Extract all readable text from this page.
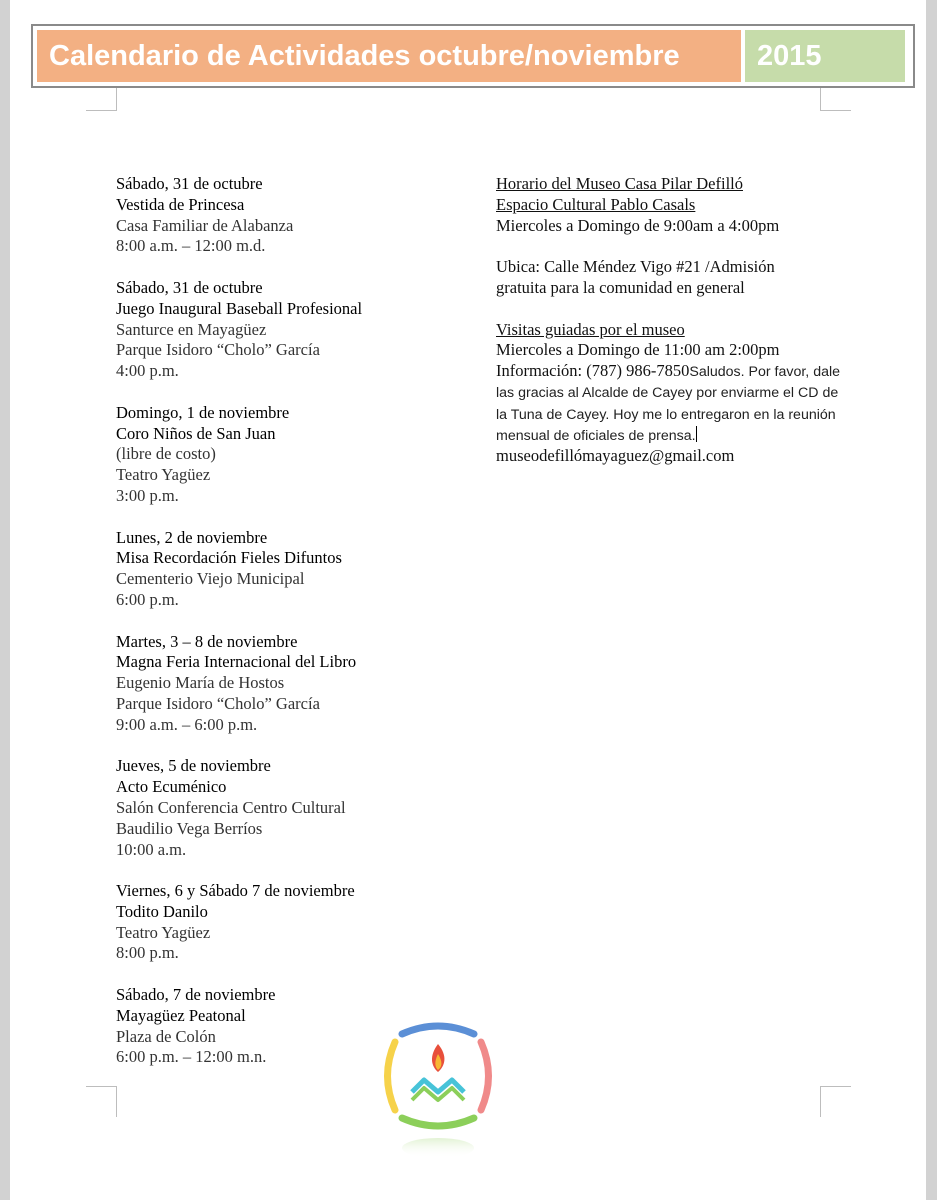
Calendario de Actividades octubre/noviembre	2015
Sábado, 31 de octubre
Vestida de Princesa
Casa Familiar de Alabanza
8:00 a.m. – 12:00 m.d.
Sábado, 31 de octubre
Juego Inaugural Baseball Profesional
Santurce en Mayagüez
Parque Isidoro “Cholo” García
4:00 p.m.
Domingo, 1 de noviembre
Coro Niños de San Juan
(libre de costo)
Teatro Yagüez
3:00 p.m.
Lunes, 2 de noviembre
Misa Recordación Fieles Difuntos
Cementerio Viejo Municipal
6:00 p.m.
Martes, 3 – 8 de noviembre
Magna Feria Internacional del Libro
Eugenio María de Hostos
Parque Isidoro “Cholo” García
9:00 a.m. – 6:00 p.m.
Jueves, 5 de noviembre
Acto Ecuménico
Salón Conferencia Centro Cultural
Baudilio Vega Berríos
10:00 a.m.
Viernes, 6 y Sábado 7 de noviembre
Todito Danilo
Teatro Yagüez
8:00 p.m.
Sábado, 7 de noviembre
Mayagüez Peatonal
Plaza de Colón
6:00 p.m. – 12:00 m.n.
Horario del Museo Casa Pilar Defilló
Espacio Cultural Pablo Casals
Miercoles a Domingo de 9:00am a 4:00pm
Ubica: Calle Méndez Vigo #21 /Admisión
gratuita para la comunidad en general
Visitas guiadas por el museo
Miercoles a Domingo de 11:00 am 2:00pm
Información: (787) 986-7850Saludos. Por favor, dale las gracias al Alcalde de Cayey por enviarme el CD de la Tuna de Cayey. Hoy me lo entregaron en la reunión mensual de oficiales de prensa.museodefillómayaguez@gmail.com
